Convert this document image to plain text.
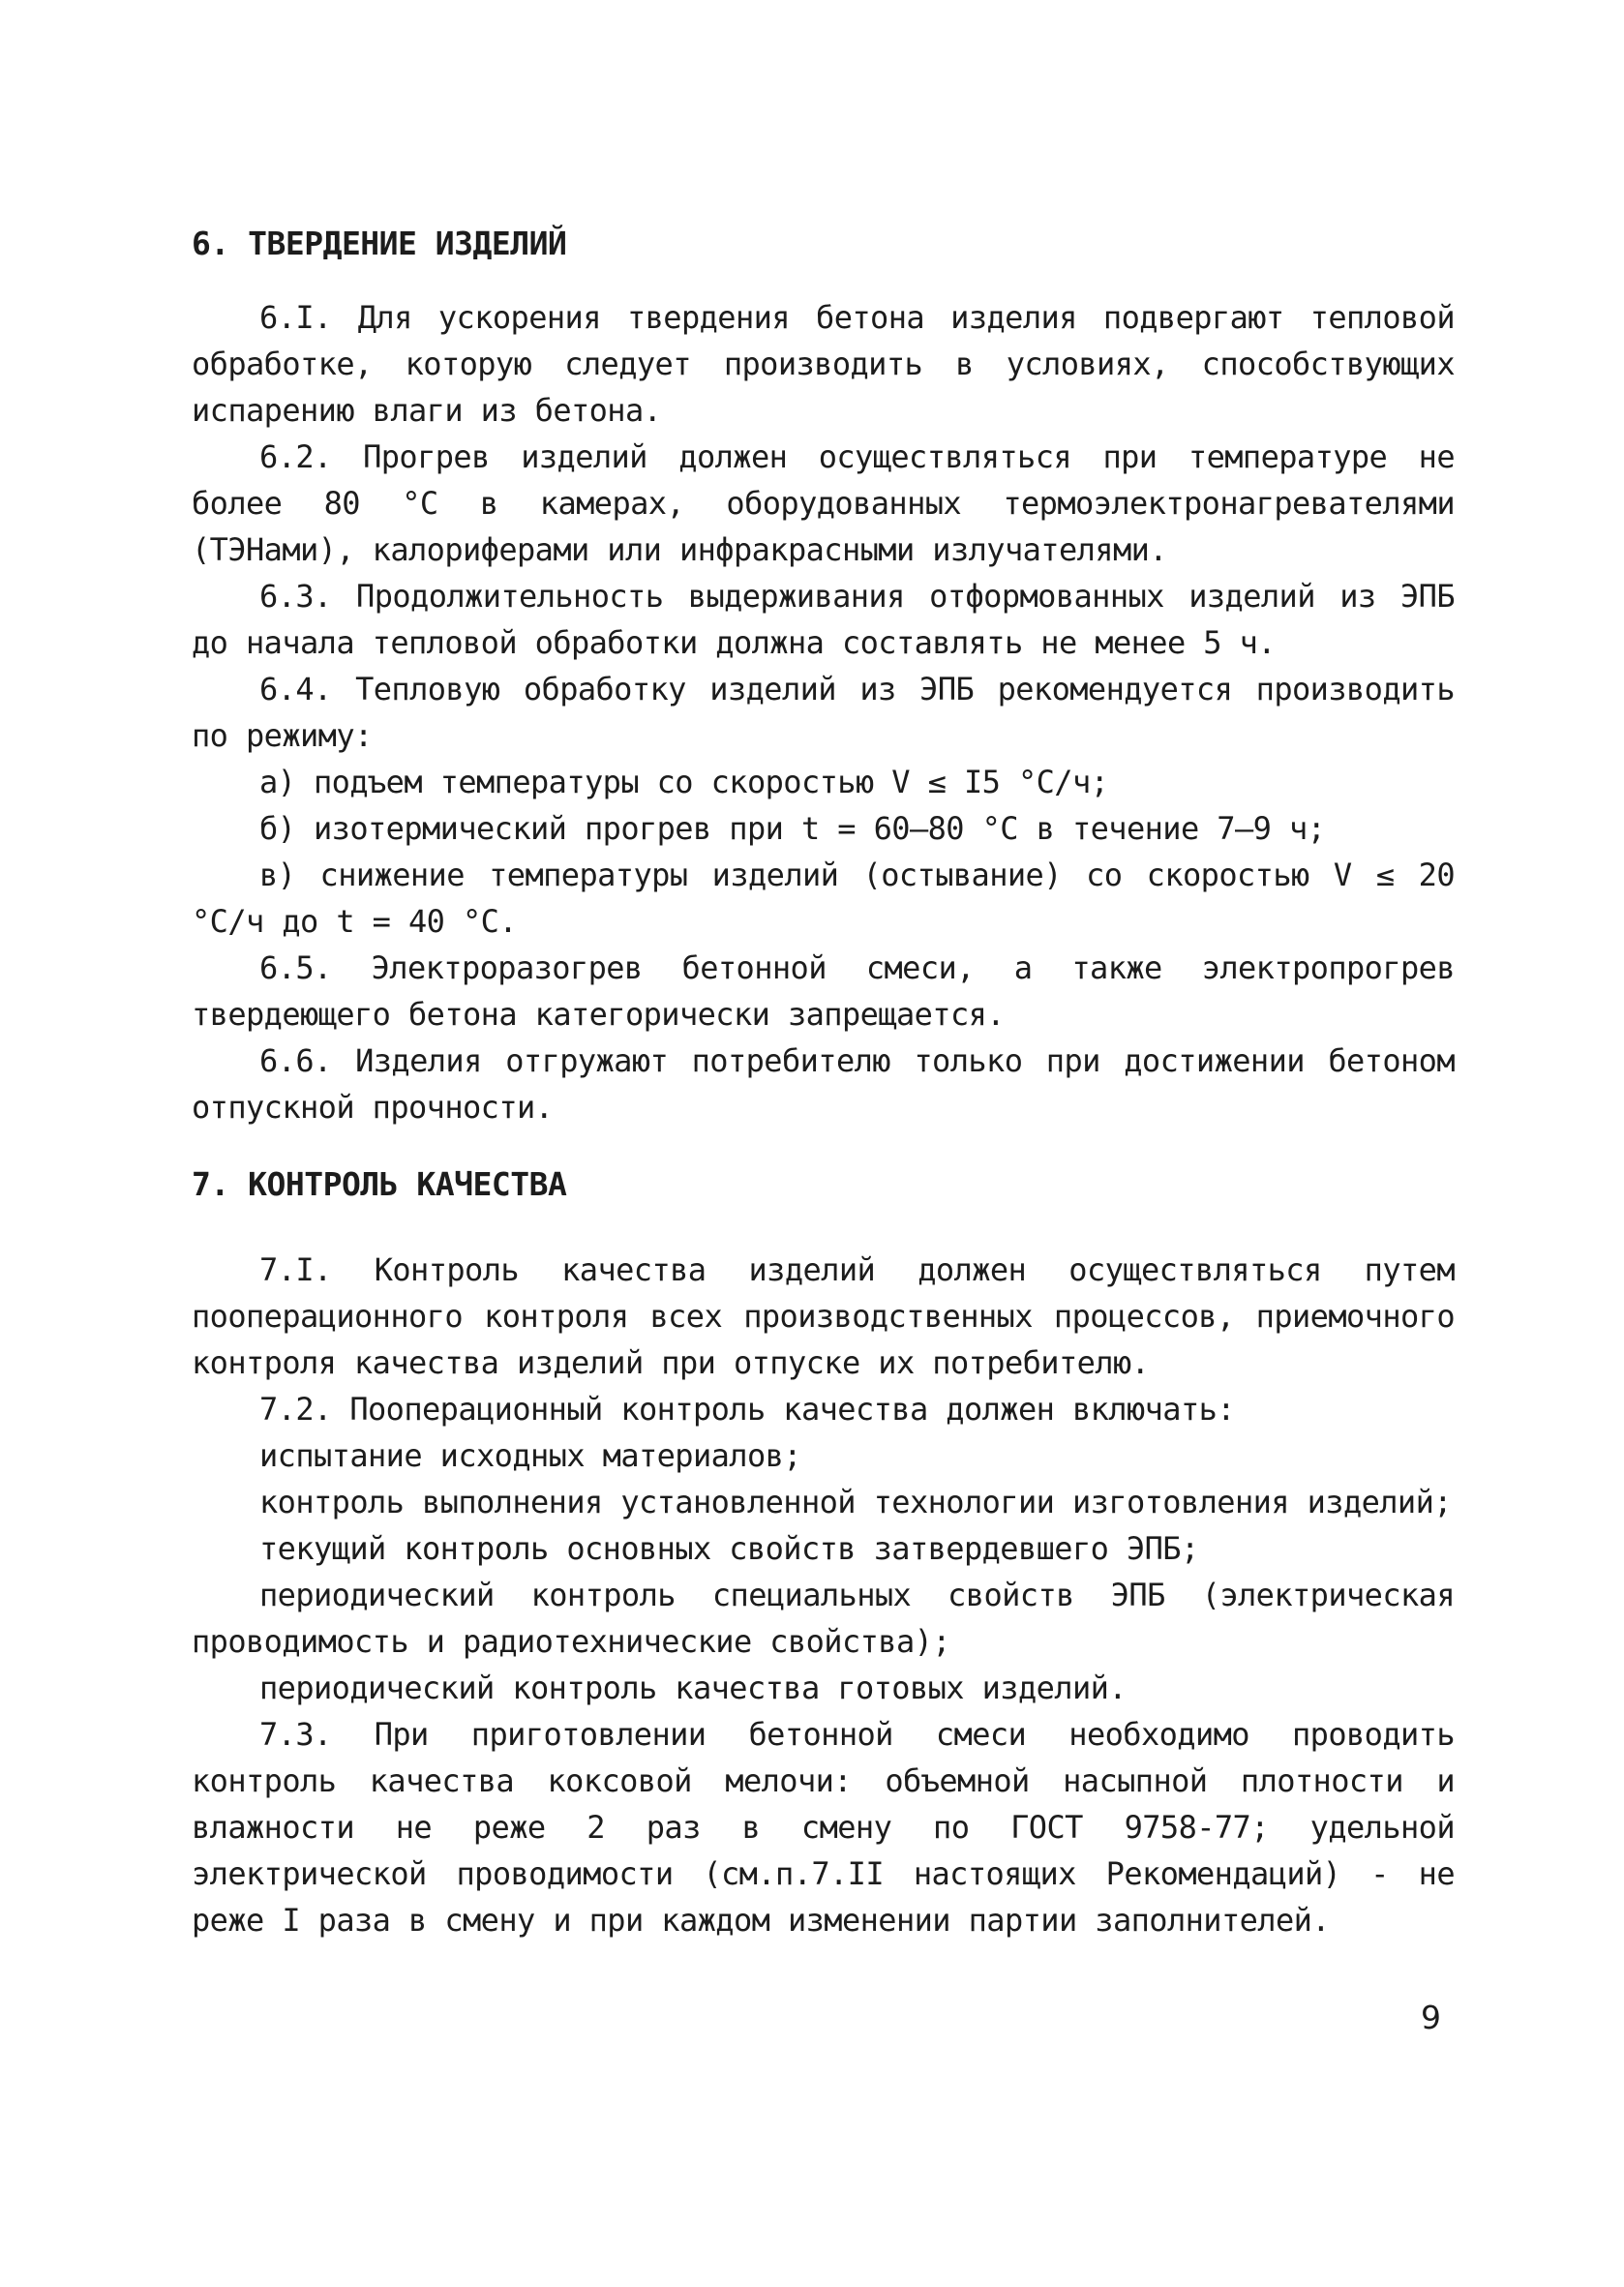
6. ТВЕРДЕНИЕ ИЗДЕЛИЙ

6.I. Для ускорения твердения бетона изделия подвергают тепловой обработке, которую следует производить в условиях, способствующих испарению влаги из бетона.

6.2. Прогрев изделий должен осуществляться при температуре не более 80 °С в камерах, оборудованных термоэлектронагревателями (ТЭНами), калориферами или инфракрасными излучателями.

6.3. Продолжительность выдерживания отформованных изделий из ЭПБ до начала тепловой обработки должна составлять не менее 5 ч.

6.4. Тепловую обработку изделий из ЭПБ рекомендуется производить по режиму:

а) подъем температуры со скоростью V ≤ I5 °С/ч;

б) изотермический прогрев при t = 60–80 °С в течение 7–9 ч;

в) снижение температуры изделий (остывание) со скоростью V ≤ 20 °С/ч до t = 40 °С.

6.5. Электроразогрев бетонной смеси, а также электропрогрев твердеющего бетона категорически запрещается.

6.6. Изделия отгружают потребителю только при достижении бетоном отпускной прочности.

7. КОНТРОЛЬ КАЧЕСТВА

7.I. Контроль качества изделий должен осуществляться путем пооперационного контроля всех производственных процессов, приемочного контроля качества изделий при отпуске их потребителю.

7.2. Пооперационный контроль качества должен включать:

испытание исходных материалов;

контроль выполнения установленной технологии изготовления изделий;

текущий контроль основных свойств затвердевшего ЭПБ;

периодический контроль специальных свойств ЭПБ (электрическая проводимость и радиотехнические свойства);

периодический контроль качества готовых изделий.

7.3. При приготовлении бетонной смеси необходимо проводить контроль качества коксовой мелочи: объемной насыпной плотности и влажности не реже 2 раз в смену по ГОСТ 9758-77; удельной электрической проводимости (см.п.7.II настоящих Рекомендаций) - не реже I раза в смену и при каждом изменении партии заполнителей.

9
